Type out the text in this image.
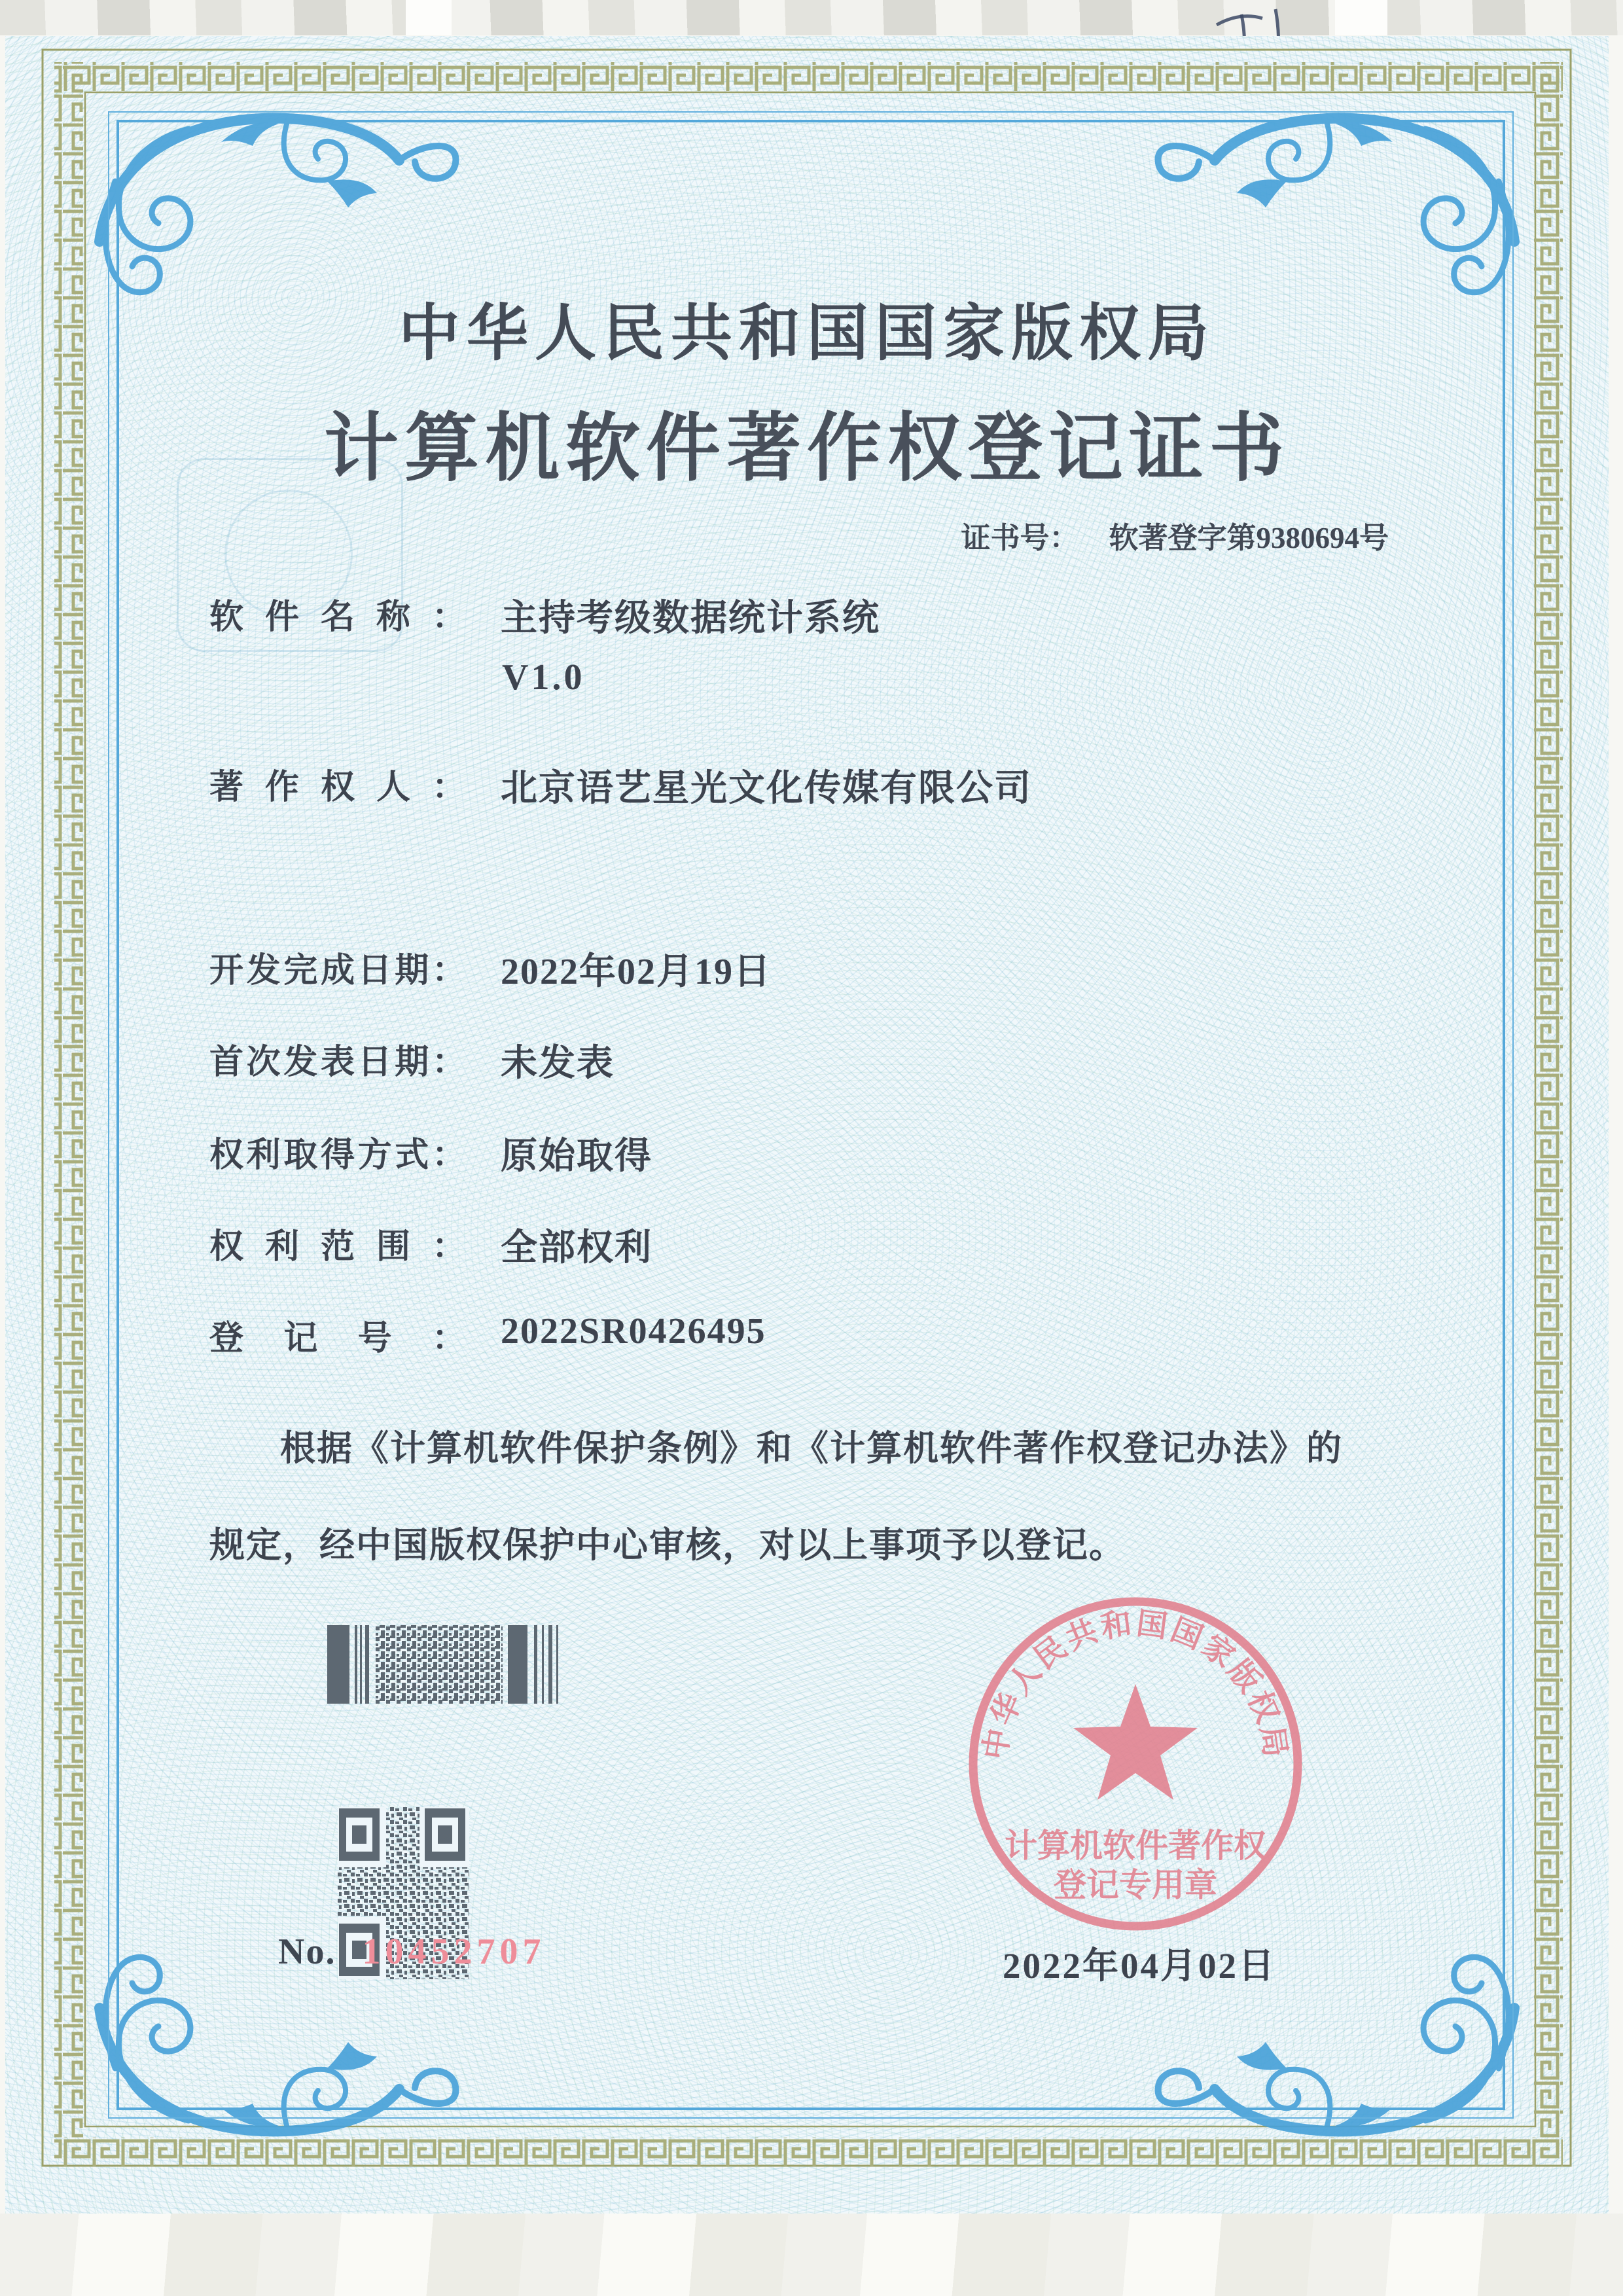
中华人民共和国国家版权局
计算机软件著作权登记证书
证书号： 软著登字第9380694号
软 件 名 称 ： 主持考级数据统计系统
V1.0
著 作 权 人 ： 北京语艺星光文化传媒有限公司
开 发 完 成 日 期 ： 2022年02月19日
首 次 发 表 日 期 ： 未发表
权 利 取 得 方 式 ： 原始取得
权 利 范 围 ： 全部权利
登 记 号 ： 2022SR0426495
根据《计算机软件保护条例》和《计算机软件著作权登记办法》的
规定，经中国版权保护中心审核，对以上事项予以登记。
中华人民共和国国家版权局
计算机软件著作权
登记专用章
2022年04月02日
No. 10452707
